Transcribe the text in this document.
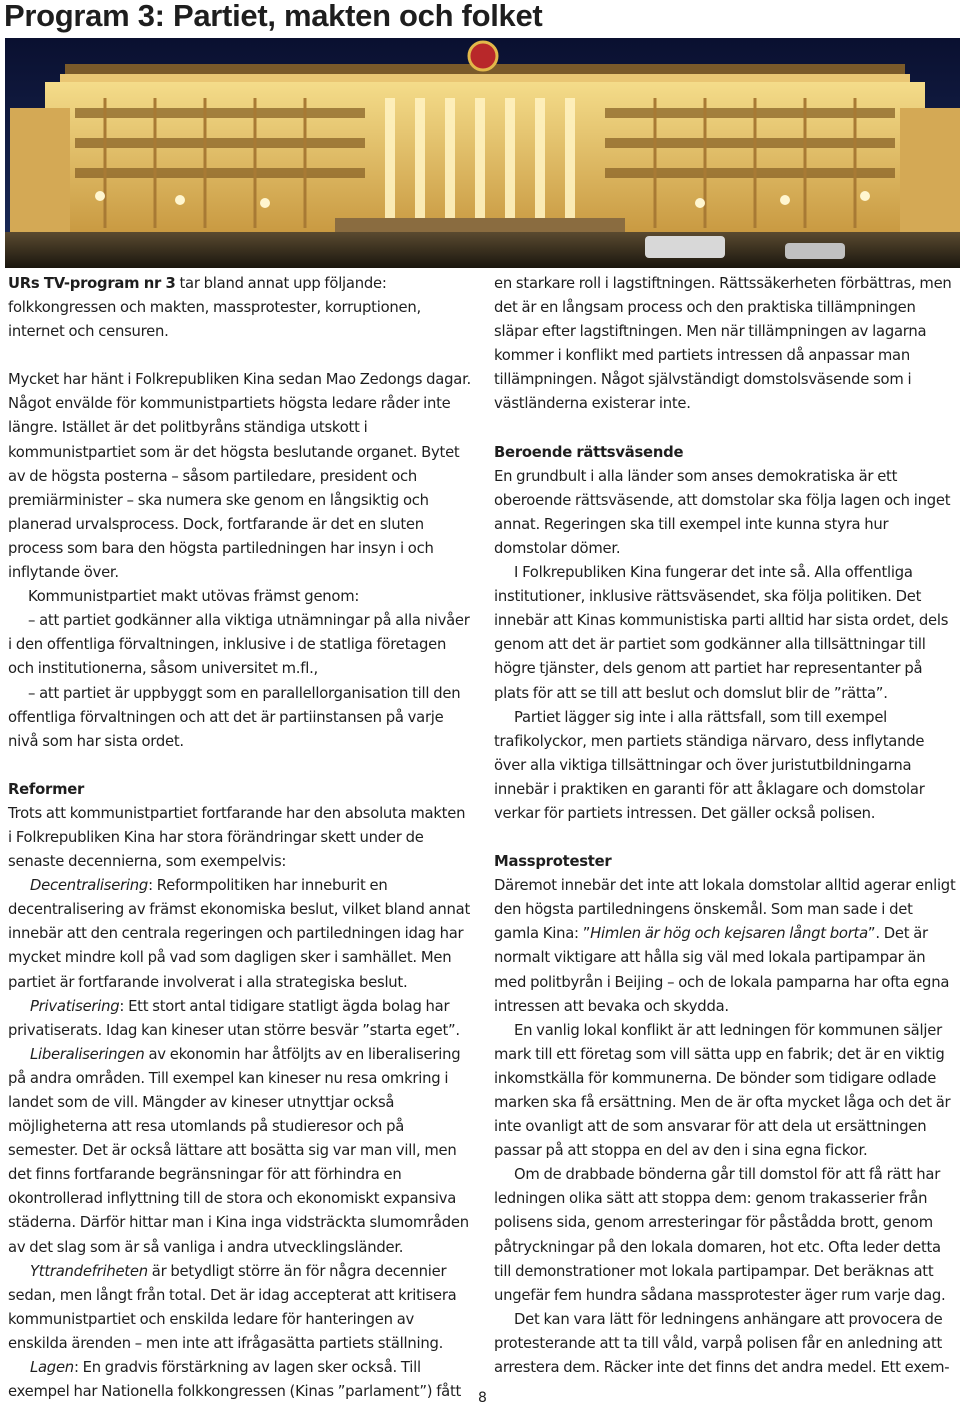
Program 3: Partiet, makten och folket

URs TV-program nr 3 tar bland annat upp följande: folkkongressen och makten, massprotester, korruptionen, internet och censuren.

Mycket har hänt i Folkrepubliken Kina sedan Mao Zedongs dagar. Något envälde för kommunistpartiets högsta ledare råder inte längre. Istället är det politbyråns ständiga utskott i kommunistpartiet som är det högsta beslutande organet. Bytet av de högsta posterna – såsom partiledare, president och premiärminister – ska numera ske genom en långsiktig och planerad urvalsprocess. Dock, fortfarande är det en sluten process som bara den högsta partiledningen har insyn i och inflytande över.

Kommunistpartiet makt utövas främst genom:

– att partiet godkänner alla viktiga utnämningar på alla nivåer i den offentliga förvaltningen, inklusive i de statliga företagen och institutionerna, såsom universitet m.fl.,

– att partiet är uppbyggt som en parallellorganisation till den offentliga förvaltningen och att det är partiinstansen på varje nivå som har sista ordet.

Reformer

Trots att kommunistpartiet fortfarande har den absoluta makten i Folkrepubliken Kina har stora förändringar skett under de senaste decennierna, som exempelvis:

Decentralisering: Reformpolitiken har inneburit en decentralisering av främst ekonomiska beslut, vilket bland annat innebär att den centrala regeringen och partiledningen idag har mycket mindre koll på vad som dagligen sker i samhället. Men partiet är fortfarande involverat i alla strategiska beslut.

Privatisering: Ett stort antal tidigare statligt ägda bolag har privatiserats. Idag kan kineser utan större besvär ”starta eget”.

Liberaliseringen av ekonomin har åtföljts av en liberalisering på andra områden. Till exempel kan kineser nu resa omkring i landet som de vill. Mängder av kineser utnyttjar också möjligheterna att resa utomlands på studieresor och på semester. Det är också lättare att bosätta sig var man vill, men det finns fortfarande begränsningar för att förhindra en okontrollerad inflyttning till de stora och ekonomiskt expansiva städerna. Därför hittar man i Kina inga vidsträckta slumområden av det slag som är så vanliga i andra utvecklingsländer.

Yttrandefriheten är betydligt större än för några decennier sedan, men långt från total. Det är idag accepterat att kritisera kommunistpartiet och enskilda ledare för hanteringen av enskilda ärenden – men inte att ifrågasätta partiets ställning.

Lagen: En gradvis förstärkning av lagen sker också. Till exempel har Nationella folkkongressen (Kinas ”parlament”) fått

en starkare roll i lagstiftningen. Rättssäkerheten förbättras, men det är en långsam process och den praktiska tillämpningen släpar efter lagstiftningen. Men när tillämpningen av lagarna kommer i konflikt med partiets intressen då anpassar man tillämpningen. Något självständigt domstolsväsende som i västländerna existerar inte.

Beroende rättsväsende

En grundbult i alla länder som anses demokratiska är ett oberoende rättsväsende, att domstolar ska följa lagen och inget annat. Regeringen ska till exempel inte kunna styra hur domstolar dömer.

I Folkrepubliken Kina fungerar det inte så. Alla offentliga institutioner, inklusive rättsväsendet, ska följa politiken. Det innebär att Kinas kommunistiska parti alltid har sista ordet, dels genom att det är partiet som godkänner alla tillsättningar till högre tjänster, dels genom att partiet har representanter på plats för att se till att beslut och domslut blir de ”rätta”.

Partiet lägger sig inte i alla rättsfall, som till exempel trafikolyckor, men partiets ständiga närvaro, dess inflytande över alla viktiga tillsättningar och över juristutbildningarna innebär i praktiken en garanti för att åklagare och domstolar verkar för partiets intressen. Det gäller också polisen.

Massprotester

Däremot innebär det inte att lokala domstolar alltid agerar enligt den högsta partiledningens önskemål. Som man sade i det gamla Kina: ”Himlen är hög och kejsaren långt borta”. Det är normalt viktigare att hålla sig väl med lokala partipampar än med politbyrån i Beijing – och de lokala pamparna har ofta egna intressen att bevaka och skydda.

En vanlig lokal konflikt är att ledningen för kommunen säljer mark till ett företag som vill sätta upp en fabrik; det är en viktig inkomstkälla för kommunerna. De bönder som tidigare odlade marken ska få ersättning. Men de är ofta mycket låga och det är inte ovanligt att de som ansvarar för att dela ut ersättningen passar på att stoppa en del av den i sina egna fickor.

Om de drabbade bönderna går till domstol för att få rätt har ledningen olika sätt att stoppa dem: genom trakasserier från polisens sida, genom arresteringar för påstådda brott, genom påtryckningar på den lokala domaren, hot etc. Ofta leder detta till demonstrationer mot lokala partipampar. Det beräknas att ungefär fem hundra sådana massprotester äger rum varje dag.

Det kan vara lätt för ledningens anhängare att provocera de protesterande att ta till våld, varpå polisen får en anledning att arrestera dem. Räcker inte det finns det andra medel. Ett exem-

8
